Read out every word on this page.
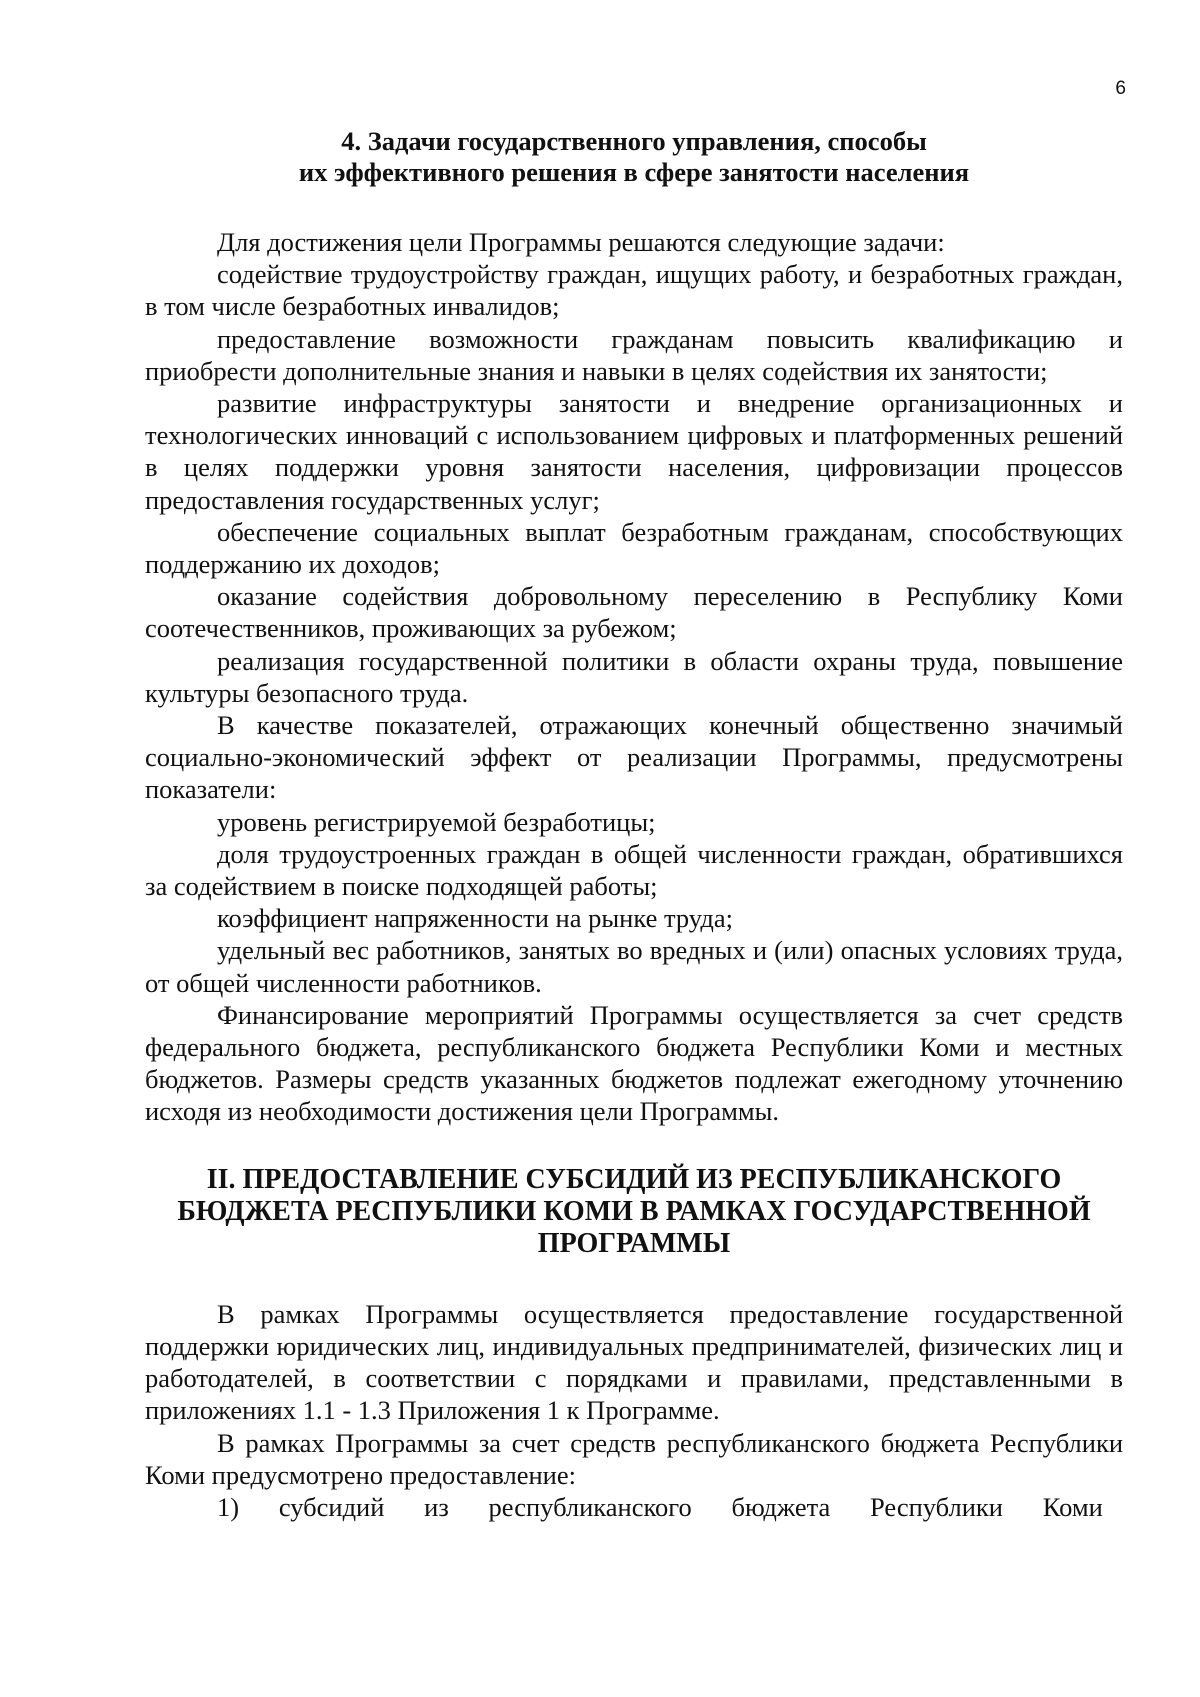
6
4. Задачи государственного управления, способы
их эффективного решения в сфере занятости населения

Для достижения цели Программы решаются следующие задачи:

содействие трудоустройству граждан, ищущих работу, и безработных граждан, в том числе безработных инвалидов;

предоставление возможности гражданам повысить квалификацию и приобрести дополнительные знания и навыки в целях содействия их занятости;

развитие инфраструктуры занятости и внедрение организационных и технологических инноваций с использованием цифровых и платформенных решений в целях поддержки уровня занятости населения, цифровизации процессов предоставления государственных услуг;

обеспечение социальных выплат безработным гражданам, способствующих поддержанию их доходов;

оказание содействия добровольному переселению в Республику Коми соотечественников, проживающих за рубежом;

реализация государственной политики в области охраны труда, повышение культуры безопасного труда.

В качестве показателей, отражающих конечный общественно значимый социально-экономический эффект от реализации Программы, предусмотрены показатели:

уровень регистрируемой безработицы;

доля трудоустроенных граждан в общей численности граждан, обратившихся за содействием в поиске подходящей работы;

коэффициент напряженности на рынке труда;

удельный вес работников, занятых во вредных и (или) опасных условиях труда, от общей численности работников.

Финансирование мероприятий Программы осуществляется за счет средств федерального бюджета, республиканского бюджета Республики Коми и местных бюджетов. Размеры средств указанных бюджетов подлежат ежегодному уточнению исходя из необходимости достижения цели Программы.

II. ПРЕДОСТАВЛЕНИЕ СУБСИДИЙ ИЗ РЕСПУБЛИКАНСКОГО
БЮДЖЕТА РЕСПУБЛИКИ КОМИ В РАМКАХ ГОСУДАРСТВЕННОЙ
ПРОГРАММЫ

В рамках Программы осуществляется предоставление государственной поддержки юридических лиц, индивидуальных предпринимателей, физических лиц и работодателей, в соответствии с порядками и правилами, представленными в приложениях 1.1 - 1.3 Приложения 1 к Программе.

В рамках Программы за счет средств республиканского бюджета Республики Коми предусмотрено предоставление:

1)      субсидий      из      республиканского      бюджета      Республики      Коми
